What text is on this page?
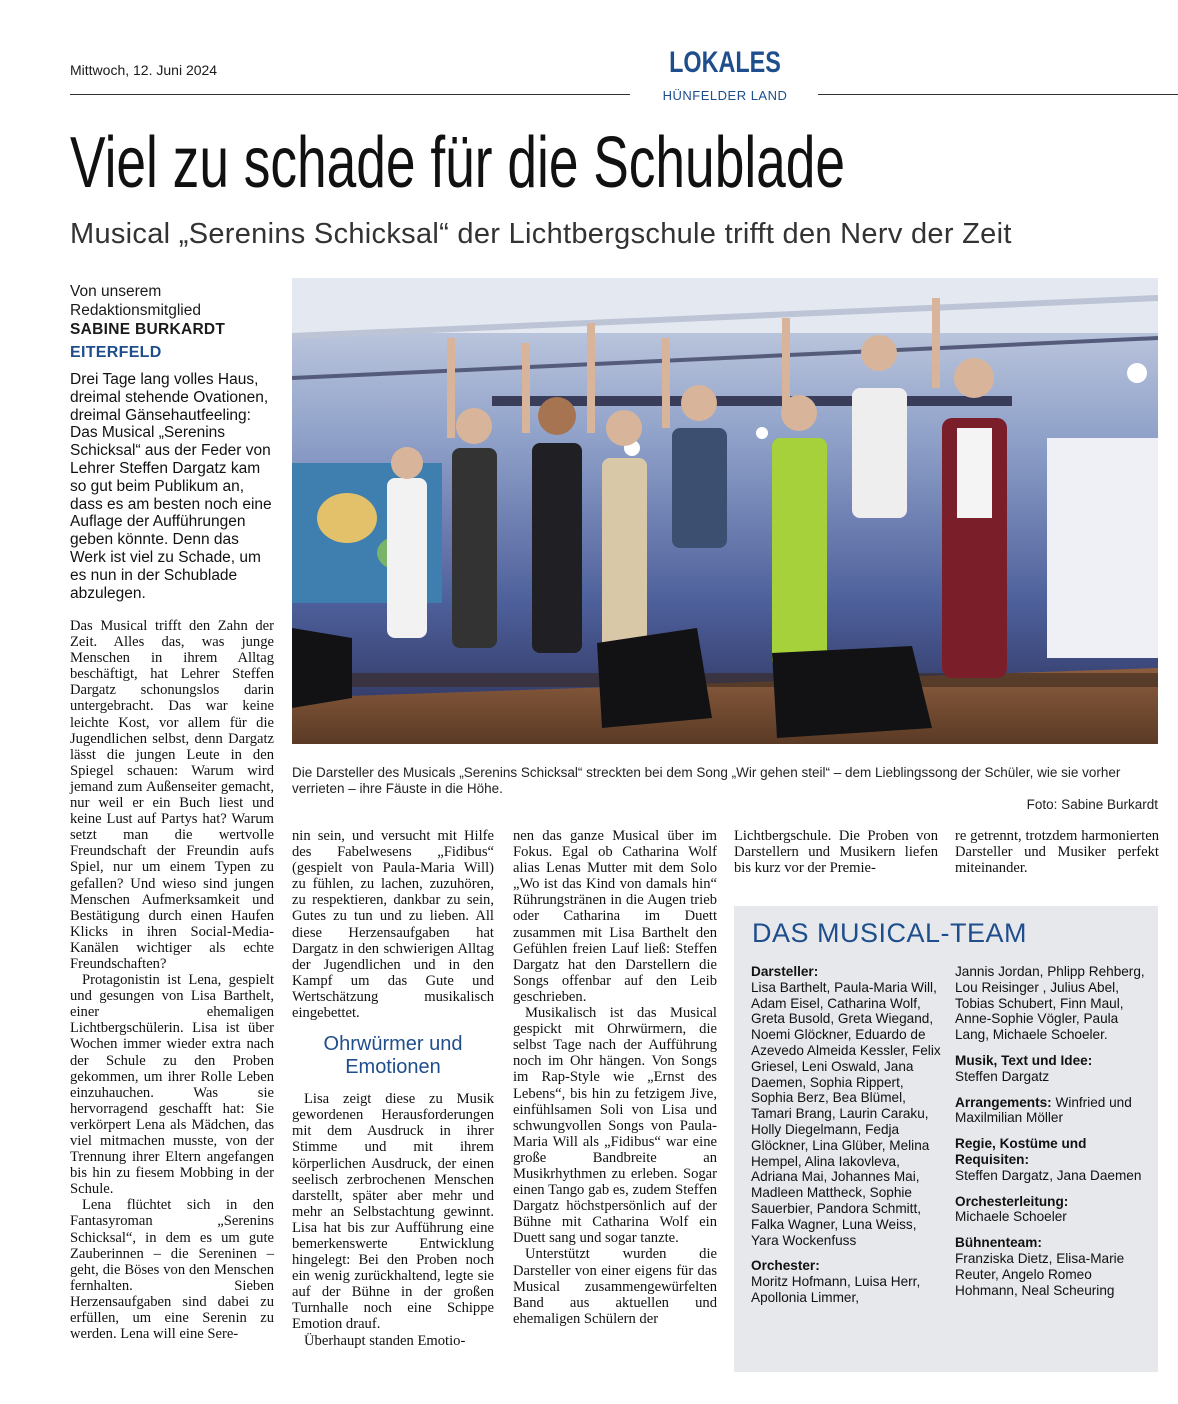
Mittwoch, 12. Juni 2024	LOKALES
HÜNFELDER LAND
Viel zu schade für die Schublade
Musical „Serenins Schicksal“ der Lichtbergschule trifft den Nerv der Zeit
Von unserem
Redaktionsmitglied
SABINE BURKARDT
EITERFELD
Drei Tage lang volles Haus, dreimal stehende Ovationen, dreimal Gänsehautfeeling: Das Musical „Serenins Schicksal“ aus der Feder von Lehrer Steffen Dargatz kam so gut beim Publikum an, dass es am besten noch eine Auflage der Aufführungen geben könnte. Denn das Werk ist viel zu Schade, um es nun in der Schublade abzulegen.
Die Darsteller des Musicals „Serenins Schicksal“ streckten bei dem Song „Wir gehen steil“ – dem Lieblingssong der Schüler, wie sie vorher verrieten – ihre Fäuste in die Höhe.
Foto: Sabine Burkardt

Das Musical trifft den Zahn der Zeit. Alles das, was junge Menschen in ihrem Alltag beschäftigt, hat Lehrer Steffen Dargatz schonungslos darin untergebracht. Das war keine leichte Kost, vor allem für die Jugendlichen selbst, denn Dargatz lässt die jungen Leute in den Spiegel schauen: Warum wird jemand zum Außenseiter gemacht, nur weil er ein Buch liest und keine Lust auf Partys hat? Warum setzt man die wertvolle Freundschaft der Freundin aufs Spiel, nur um einem Typen zu gefallen? Und wieso sind jungen Menschen Aufmerksamkeit und Bestätigung durch einen Haufen Klicks in ihren Social-Media-Kanälen wichtiger als echte Freundschaften?

Protagonistin ist Lena, gespielt und gesungen von Lisa Barthelt, einer ehemaligen Lichtbergschülerin. Lisa ist über Wochen immer wieder extra nach der Schule zu den Proben gekommen, um ihrer Rolle Leben einzuhauchen. Was sie hervorragend geschafft hat: Sie verkörpert Lena als Mädchen, das viel mitmachen musste, von der Trennung ihrer Eltern angefangen bis hin zu fiesem Mobbing in der Schule.

Lena flüchtet sich in den Fantasyroman „Serenins Schicksal“, in dem es um gute Zauberinnen – die Sereninen – geht, die Böses von den Menschen fernhalten. Sieben Herzensaufgaben sind dabei zu erfüllen, um eine Serenin zu werden. Lena will eine Sere-

nin sein, und versucht mit Hilfe des Fabelwesens „Fidibus“ (gespielt von Paula-Maria Will) zu fühlen, zu lachen, zuzuhören, zu respektieren, dankbar zu sein, Gutes zu tun und zu lieben. All diese Herzensaufgaben hat Dargatz in den schwierigen Alltag der Jugendlichen und in den Kampf um das Gute und Wertschätzung musikalisch eingebettet.

Ohrwürmer und Emotionen

Lisa zeigt diese zu Musik gewordenen Herausforderungen mit dem Ausdruck in ihrer Stimme und mit ihrem körperlichen Ausdruck, der einen seelisch zerbrochenen Menschen darstellt, später aber mehr und mehr an Selbstachtung gewinnt. Lisa hat bis zur Aufführung eine bemerkenswerte Entwicklung hingelegt: Bei den Proben noch ein wenig zurückhaltend, legte sie auf der Bühne in der großen Turnhalle noch eine Schippe Emotion drauf.

Überhaupt standen Emotio-

nen das ganze Musical über im Fokus. Egal ob Catharina Wolf alias Lenas Mutter mit dem Solo „Wo ist das Kind von damals hin“ Rührungstränen in die Augen trieb oder Catharina im Duett zusammen mit Lisa Barthelt den Gefühlen freien Lauf ließ: Steffen Dargatz hat den Darstellern die Songs offenbar auf den Leib geschrieben.

Musikalisch ist das Musical gespickt mit Ohrwürmern, die selbst Tage nach der Aufführung noch im Ohr hängen. Von Songs im Rap-Style wie „Ernst des Lebens“, bis hin zu fetzigem Jive, einfühlsamen Soli von Lisa und schwungvollen Songs von Paula-Maria Will als „Fidibus“ war eine große Bandbreite an Musikrhythmen zu erleben. Sogar einen Tango gab es, zudem Steffen Dargatz höchstpersönlich auf der Bühne mit Catharina Wolf ein Duett sang und sogar tanzte.

Unterstützt wurden die Darsteller von einer eigens für das Musical zusammengewürfelten Band aus aktuellen und ehemaligen Schülern der

Lichtbergschule. Die Proben von Darstellern und Musikern liefen bis kurz vor der Premie-

re getrennt, trotzdem harmonierten Darsteller und Musiker perfekt miteinander.

DAS MUSICAL-TEAM
Darsteller:
Lisa Barthelt, Paula-Maria Will, Adam Eisel, Catharina Wolf, Greta Busold, Greta Wiegand, Noemi Glöckner, Eduardo de Azevedo Almeida Kessler, Felix Griesel, Leni Oswald, Jana Daemen, Sophia Rippert, Sophia Berz, Bea Blümel, Tamari Brang, Laurin Caraku, Holly Diegelmann, Fedja Glöckner, Lina Glüber, Melina Hempel, Alina Iakovleva, Adriana Mai, Johannes Mai, Madleen Mattheck, Sophie Sauerbier, Pandora Schmitt, Falka Wagner, Luna Weiss, Yara Wockenfuss
Orchester:
Moritz Hofmann, Luisa Herr, Apollonia Limmer,
Jannis Jordan, Phlipp Rehberg, Lou Reisinger , Julius Abel, Tobias Schubert, Finn Maul, Anne-Sophie Vögler, Paula Lang, Michaele Schoeler.
Musik, Text und Idee:
Steffen Dargatz
Arrangements: Winfried und Maxilmilian Möller
Regie, Kostüme und Requisiten:
Steffen Dargatz, Jana Daemen
Orchesterleitung:
Michaele Schoeler
Bühnenteam:
Franziska Dietz, Elisa-Marie Reuter, Angelo Romeo Hohmann, Neal Scheuring
